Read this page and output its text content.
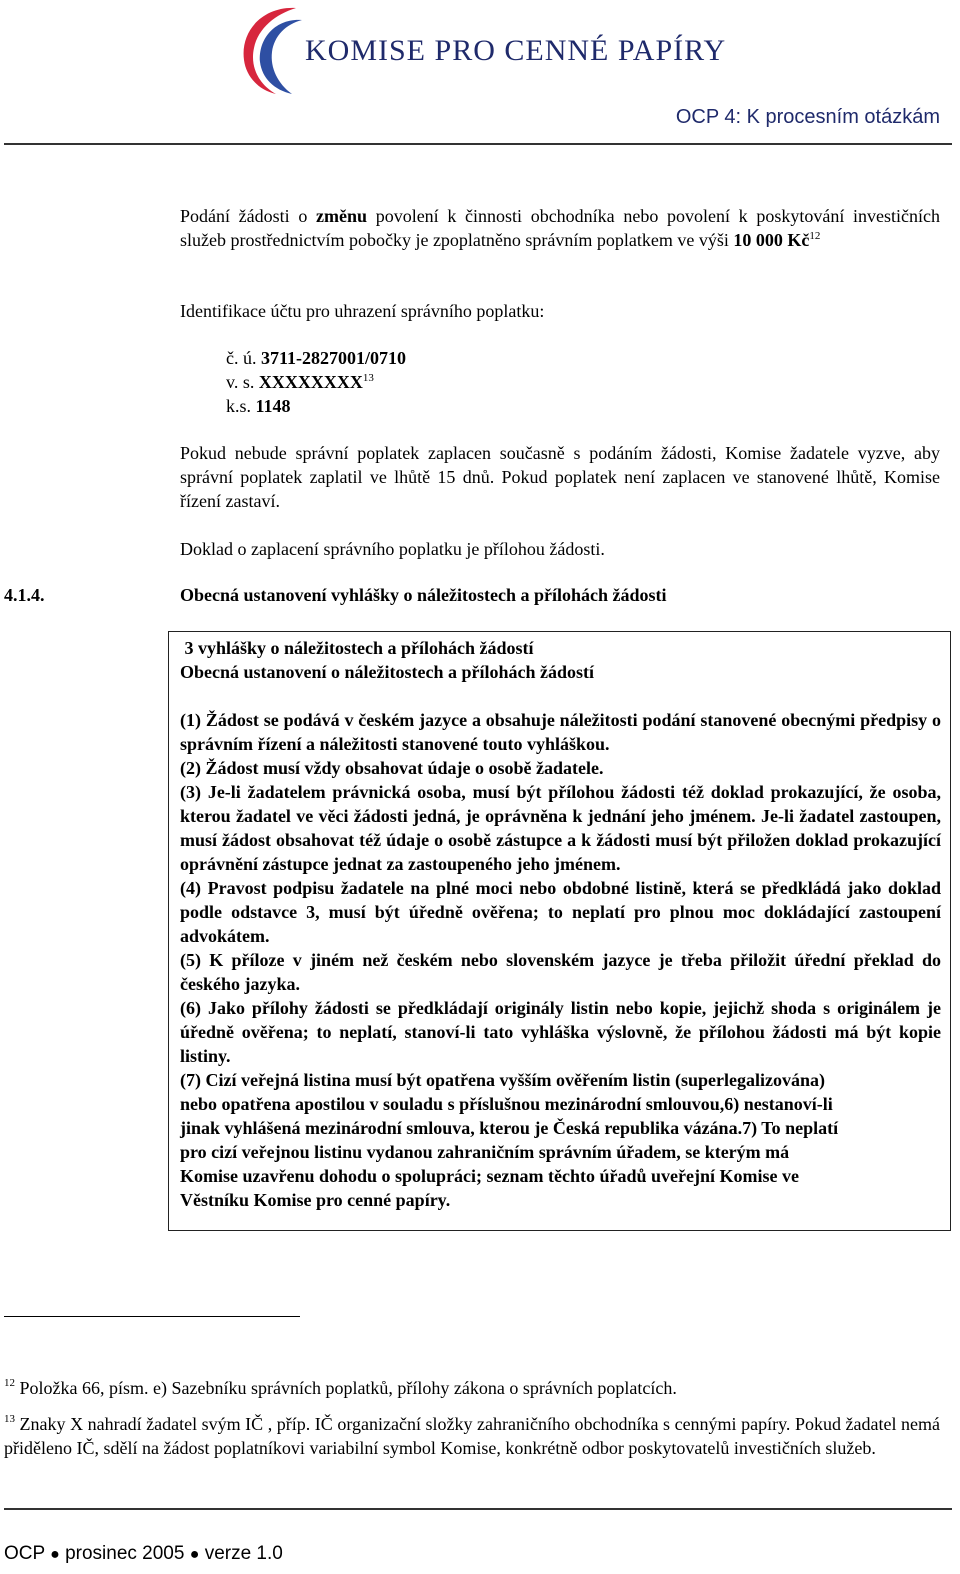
KOMISE PRO CENNÉ PAPÍRY
OCP 4: K procesním otázkám
Podání žádosti o změnu povolení k činnosti obchodníka nebo povolení k poskytování investičních služeb prostřednictvím pobočky je zpoplatněno správním poplatkem ve výši 10 000 $Kč^{12}$
Identifikace účtu pro uhrazení správního poplatku:
č. ú. 3711-2827001/0710
v. s. XXXXXXXX$^{13}$
k.s. 1148
Pokud nebude správní poplatek zaplacen současně s podáním žádosti, Komise žadatele vyzve, aby správní poplatek zaplatil ve lhůtě 15 dnů. Pokud poplatek není zaplacen ve stanovené lhůtě, Komise řízení zastaví.
Doklad o zaplacení správního poplatku je přílohou žádosti.
4.1.4.	Obecná ustanovení vyhlášky o náležitostech a přílohách žádosti

3 vyhlášky o náležitostech a přílohách žádostí

Obecná ustanovení o náležitostech a přílohách žádostí

(1) Žádost se podává v českém jazyce a obsahuje náležitosti podání stanovené obecnými předpisy o správním řízení a náležitosti stanovené touto vyhláškou.

(2) Žádost musí vždy obsahovat údaje o osobě žadatele.

(3) Je-li žadatelem právnická osoba, musí být přílohou žádosti též doklad prokazující, že osoba, kterou žadatel ve věci žádosti jedná, je oprávněna k jednání jeho jménem. Je-li žadatel zastoupen, musí žádost obsahovat též údaje o osobě zástupce a k žádosti musí být přiložen doklad prokazující oprávnění zástupce jednat za zastoupeného jeho jménem.

(4) Pravost podpisu žadatele na plné moci nebo obdobné listině, která se předkládá jako doklad podle odstavce 3, musí být úředně ověřena; to neplatí pro plnou moc dokládající zastoupení advokátem.

(5) K příloze v jiném než českém nebo slovenském jazyce je třeba přiložit úřední překlad do českého jazyka.

(6) Jako přílohy žádosti se předkládají originály listin nebo kopie, jejichž shoda s originálem je úředně ověřena; to neplatí, stanoví-li tato vyhláška výslovně, že přílohou žádosti má být kopie listiny.

(7) Cizí veřejná listina musí být opatřena vyšším ověřením listin (superlegalizována)
nebo opatřena apostilou v souladu s příslušnou mezinárodní smlouvou,6) nestanoví-li
jinak vyhlášená mezinárodní smlouva, kterou je Česká republika vázána.7) To neplatí
pro cizí veřejnou listinu vydanou zahraničním správním úřadem, se kterým má
Komise uzavřenu dohodu o spolupráci; seznam těchto úřadů uveřejní Komise ve
Věstníku Komise pro cenné papíry.
$^{12}$ Položka 66, písm. e) Sazebníku správních poplatků, přílohy zákona o správních poplatcích.
$^{13}$ Znaky X nahradí žadatel svým IČ , příp. IČ organizační složky zahraničního obchodníka s cennými papíry. Pokud žadatel nemá přiděleno IČ, sdělí na žádost poplatníkovi variabilní symbol Komise, konkrétně odbor poskytovatelů investičních služeb.
OCP ● prosinec 2005 ● verze 1.0
